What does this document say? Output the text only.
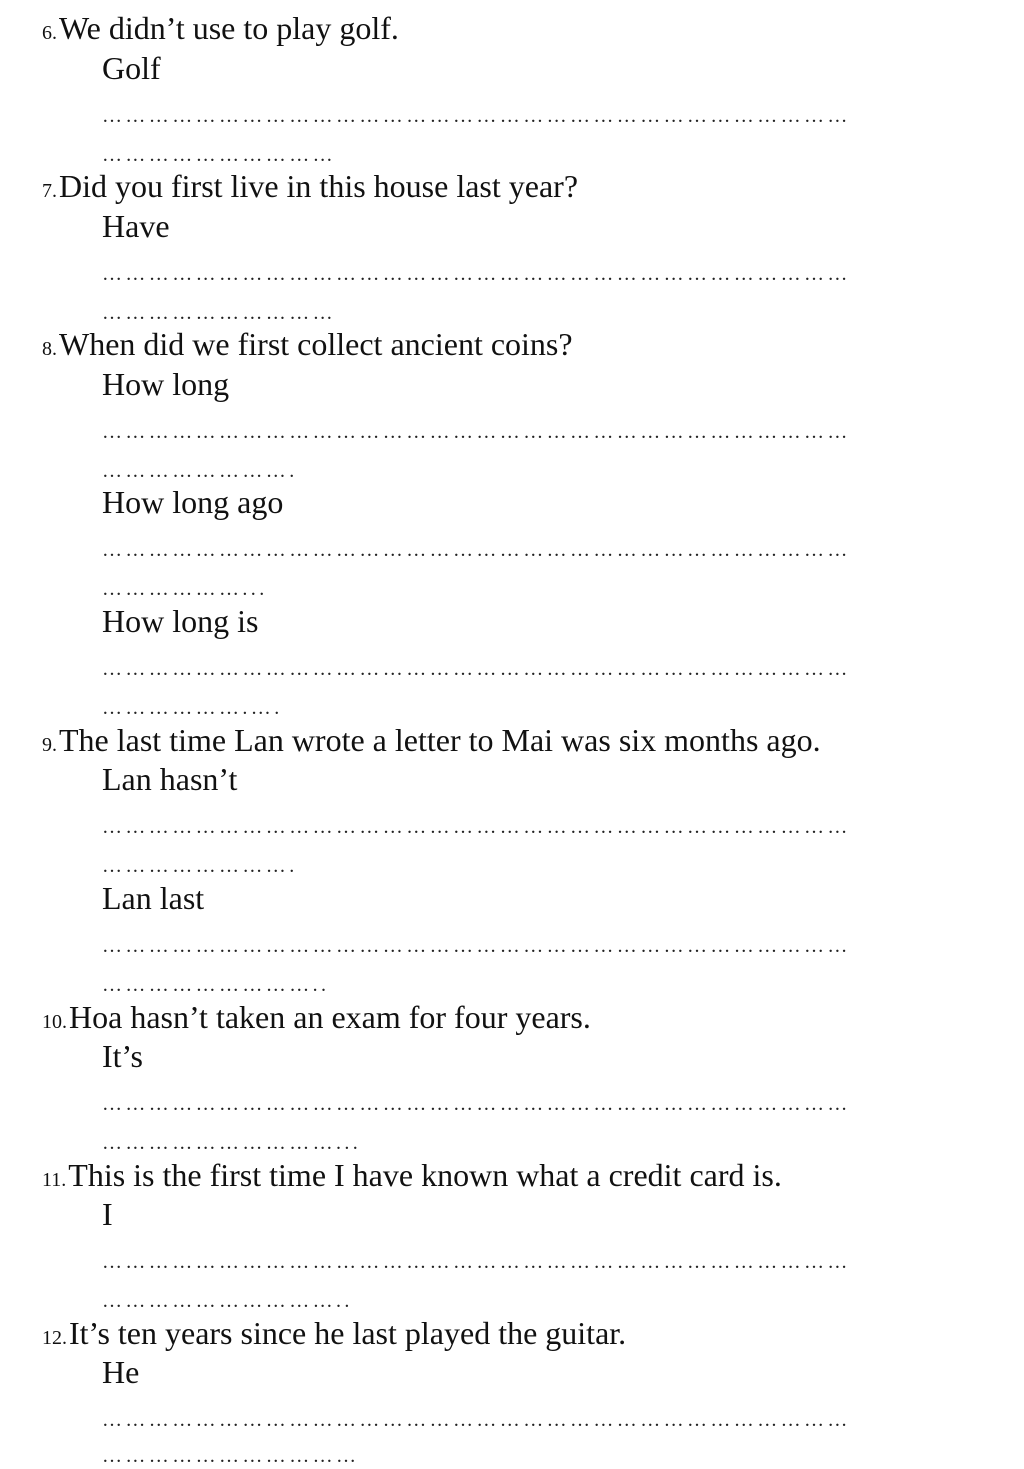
6.We didn’t use to play golf.
Golf
……………………………………………………………………………………
…………………………
7.Did you first live in this house last year?
Have
……………………………………………………………………………………
…………………………
8.When did we first collect ancient coins?
How long
……………………………………………………………………………………
…………………….
How long ago
……………………………………………………………………………………
………………...
How long is
……………………………………………………………………………………
……………….….
9.The last time Lan wrote a letter to Mai was six months ago.
Lan hasn’t
……………………………………………………………………………………
…………………….
Lan last
……………………………………………………………………………………
………………………..
10.Hoa hasn’t taken an exam for four years.
It’s
……………………………………………………………………………………
…………………………...
11.This is the first time I have known what a credit card is.
I
……………………………………………………………………………………
…………………………..
12.It’s ten years since he last played the guitar.
He
……………………………………………………………………………………
……………………………
